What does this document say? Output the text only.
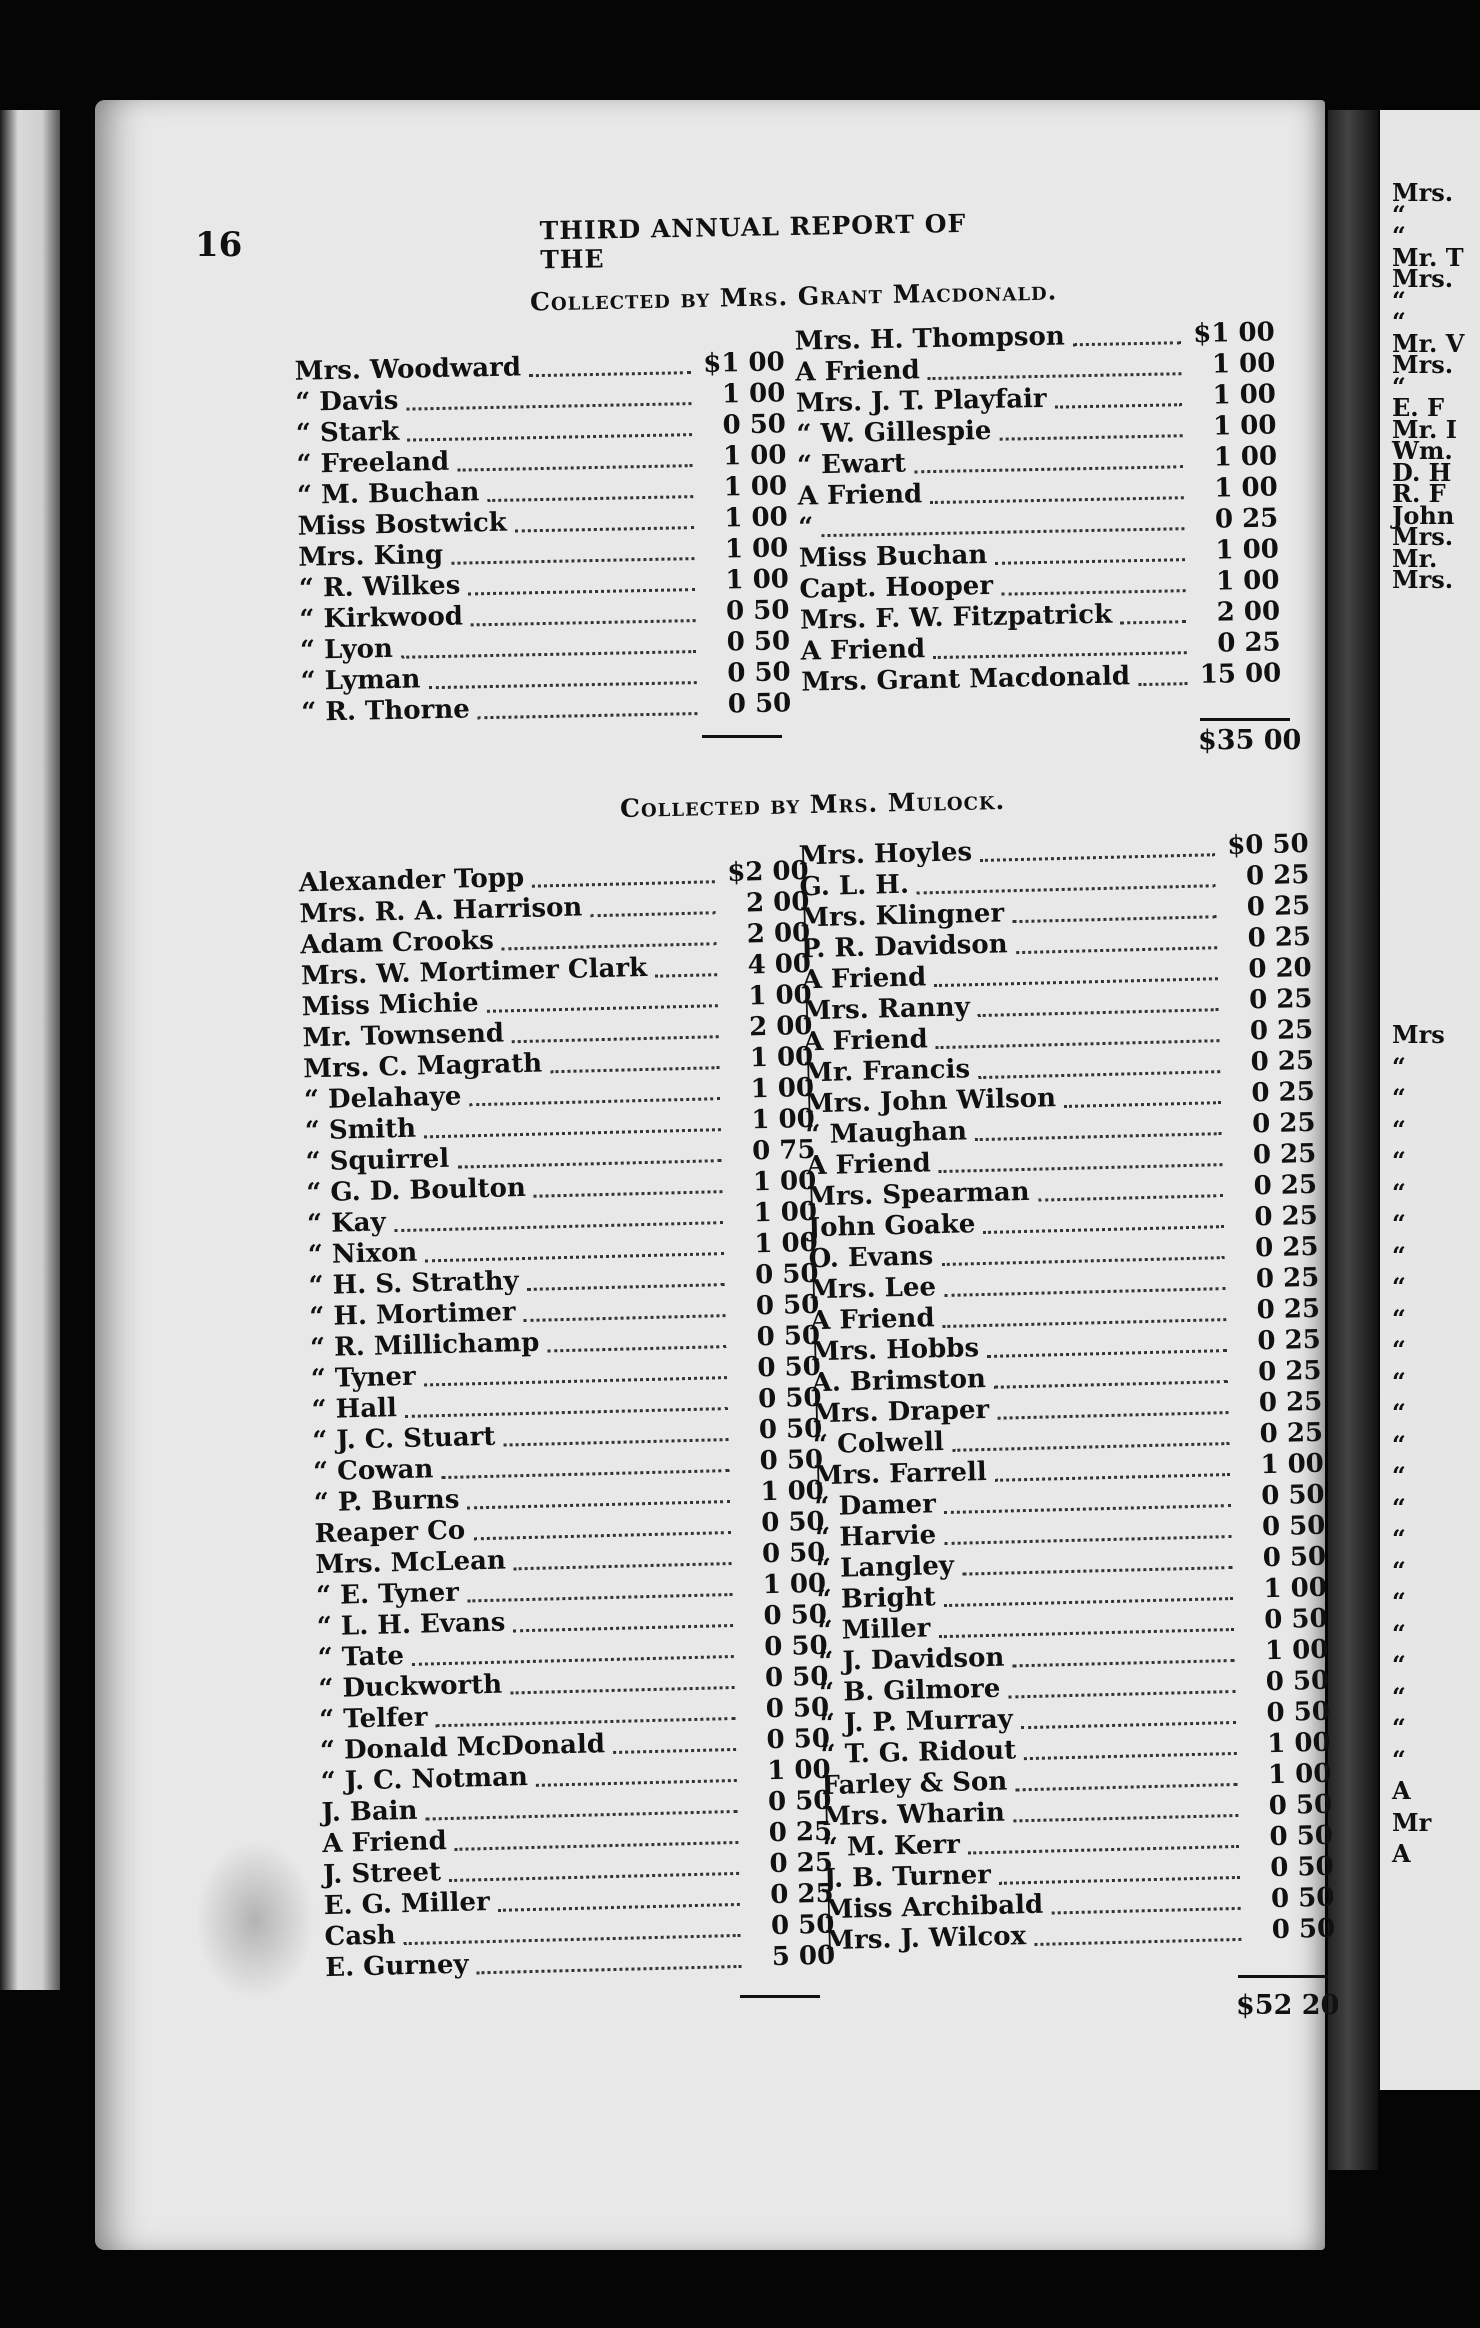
Mrs.
“
“
Mr. T
Mrs.
“
“
Mr. V
Mrs.
“
E. F
Mr. I
Wm.
D. H
R. F
John
Mrs.
Mr.
Mrs.
Mrs
“
“
“
“
“
“
“
“
“
“
“
“
“
“
“
“
“
“
“
“
“
“
“
A
Mr
A
16	THIRD ANNUAL REPORT OF THE
Collected by Mrs. Grant Macdonald.
Mrs. Woodward	$1 00
“ Davis	1 00
“ Stark	0 50
“ Freeland	1 00
“ M. Buchan	1 00
Miss Bostwick	1 00
Mrs. King	1 00
“ R. Wilkes	1 00
“ Kirkwood	0 50
“ Lyon	0 50
“ Lyman	0 50
“ R. Thorne	0 50
Mrs. H. Thompson	$1 00
A Friend	1 00
Mrs. J. T. Playfair	1 00
“ W. Gillespie	1 00
“ Ewart	1 00
A Friend	1 00
“	0 25
Miss Buchan	1 00
Capt. Hooper	1 00
Mrs. F. W. Fitzpatrick	2 00
A Friend	0 25
Mrs. Grant Macdonald	15 00
$35 00
Collected by Mrs. Mulock.
Alexander Topp	$2 00
Mrs. R. A. Harrison	2 00
Adam Crooks	2 00
Mrs. W. Mortimer Clark	4 00
Miss Michie	1 00
Mr. Townsend	2 00
Mrs. C. Magrath	1 00
“ Delahaye	1 00
“ Smith	1 00
“ Squirrel	0 75
“ G. D. Boulton	1 00
“ Kay	1 00
“ Nixon	1 00
“ H. S. Strathy	0 50
“ H. Mortimer	0 50
“ R. Millichamp	0 50
“ Tyner	0 50
“ Hall	0 50
“ J. C. Stuart	0 50
“ Cowan	0 50
“ P. Burns	1 00
Reaper Co	0 50
Mrs. McLean	0 50
“ E. Tyner	1 00
“ L. H. Evans	0 50
“ Tate	0 50
“ Duckworth	0 50
“ Telfer	0 50
“ Donald McDonald	0 50
“ J. C. Notman	1 00
J. Bain	0 50
A Friend	0 25
J. Street	0 25
E. G. Miller	0 25
Cash	0 50
E. Gurney	5 00
Mrs. Hoyles	$0 50
G. L. H.	0 25
Mrs. Klingner	0 25
P. R. Davidson	0 25
A Friend	0 20
Mrs. Ranny	0 25
A Friend	0 25
Mr. Francis	0 25
Mrs. John Wilson	0 25
“ Maughan	0 25
A Friend	0 25
Mrs. Spearman	0 25
John Goake	0 25
O. Evans	0 25
Mrs. Lee	0 25
A Friend	0 25
Mrs. Hobbs	0 25
A. Brimston	0 25
Mrs. Draper	0 25
“ Colwell	0 25
Mrs. Farrell	1 00
“ Damer	0 50
“ Harvie	0 50
“ Langley	0 50
“ Bright	1 00
“ Miller	0 50
“ J. Davidson	1 00
“ B. Gilmore	0 50
“ J. P. Murray	0 50
“ T. G. Ridout	1 00
Farley & Son	1 00
Mrs. Wharin	0 50
“ M. Kerr	0 50
J. B. Turner	0 50
Miss Archibald	0 50
Mrs. J. Wilcox	0 50
$52 20
